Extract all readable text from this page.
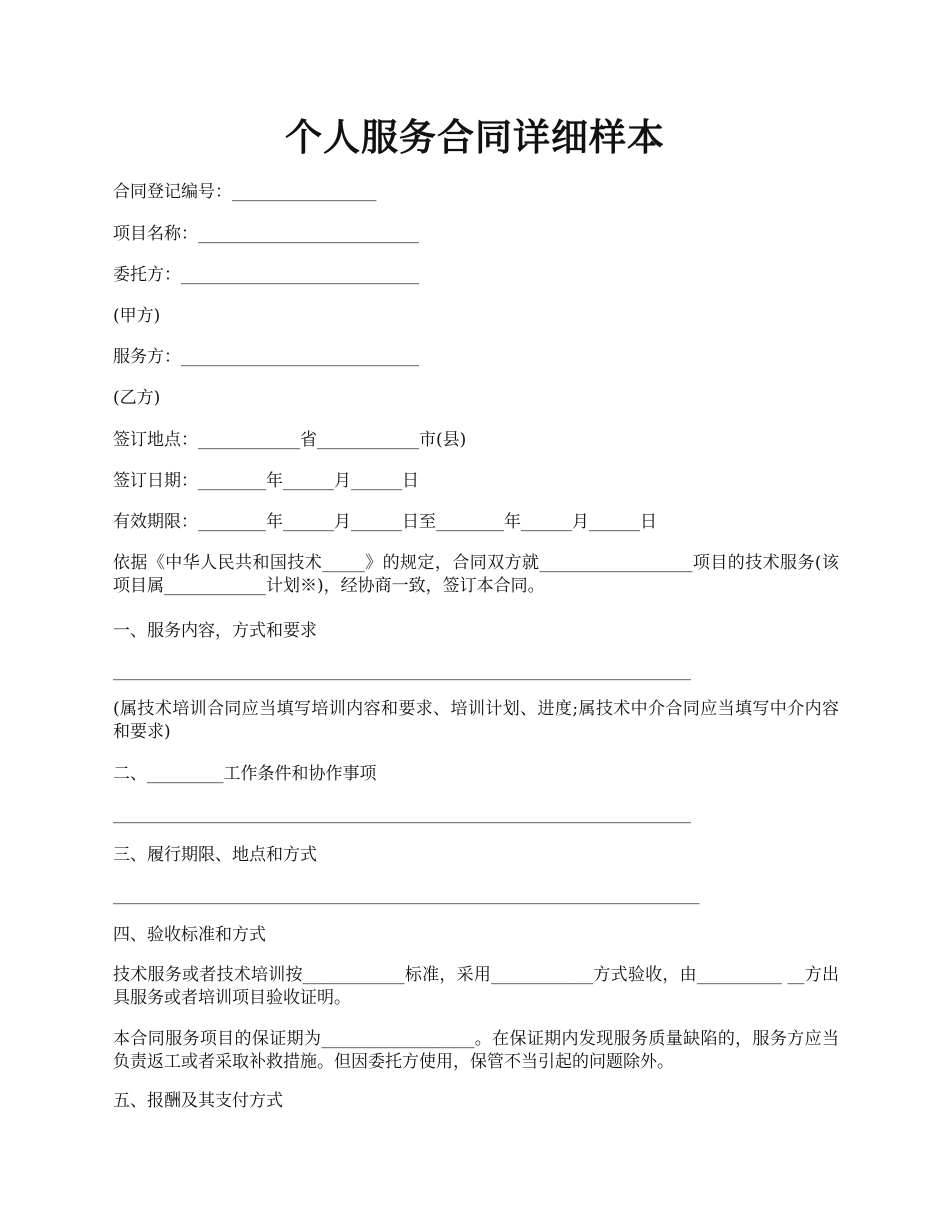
个人服务合同详细样本
合同登记编号：_________________
项目名称：__________________________
委托方：____________________________
(甲方)
服务方：____________________________
(乙方)
签订地点：____________省____________市(县)
签订日期：________年______月______日
有效期限：________年______月______日至________年______月______日
依据《中华人民共和国技术_____》的规定，合同双方就__________________项目的技术服务(该项目属____________计划※)，经协商一致，签订本合同。
一、服务内容，方式和要求
____________________________________________________________________
(属技术培训合同应当填写培训内容和要求、培训计划、进度;属技术中介合同应当填写中介内容和要求)
二、_________工作条件和协作事项
____________________________________________________________________
三、履行期限、地点和方式
_____________________________________________________________________
四、验收标准和方式
技术服务或者技术培训按____________标准，采用____________方式验收，由__________ __方出具服务或者培训项目验收证明。
本合同服务项目的保证期为__________________。在保证期内发现服务质量缺陷的，服务方应当负责返工或者采取补救措施。但因委托方使用，保管不当引起的问题除外。
五、报酬及其支付方式
